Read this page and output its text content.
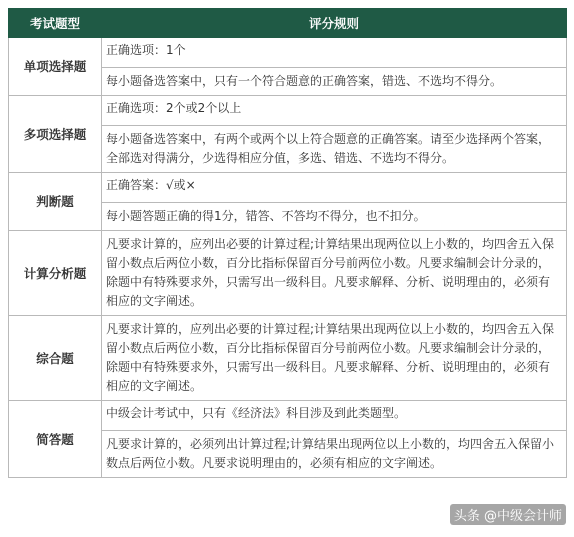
考试题型	评分规则
单项选择题	正确选项：1个
	每小题备选答案中，只有一个符合题意的正确答案，错选、不选均不得分。
多项选择题	正确选项：2个或2个以上
	每小题备选答案中，有两个或两个以上符合题意的正确答案。请至少选择两个答案，全部选对得满分，少选得相应分值，多选、错选、不选均不得分。
判断题	正确答案：√或×
	每小题答题正确的得1分，错答、不答均不得分，也不扣分。
计算分析题	凡要求计算的，应列出必要的计算过程;计算结果出现两位以上小数的，均四舍五入保留小数点后两位小数，百分比指标保留百分号前两位小数。凡要求编制会计分录的，除题中有特殊要求外，只需写出一级科目。凡要求解释、分析、说明理由的，必须有相应的文字阐述。
综合题	凡要求计算的，应列出必要的计算过程;计算结果出现两位以上小数的，均四舍五入保留小数点后两位小数，百分比指标保留百分号前两位小数。凡要求编制会计分录的，除题中有特殊要求外，只需写出一级科目。凡要求解释、分析、说明理由的，必须有相应的文字阐述。
简答题	中级会计考试中，只有《经济法》科目涉及到此类题型。
	凡要求计算的，必须列出计算过程;计算结果出现两位以上小数的，均四舍五入保留小数点后两位小数。凡要求说明理由的，必须有相应的文字阐述。
头条 @中级会计师
